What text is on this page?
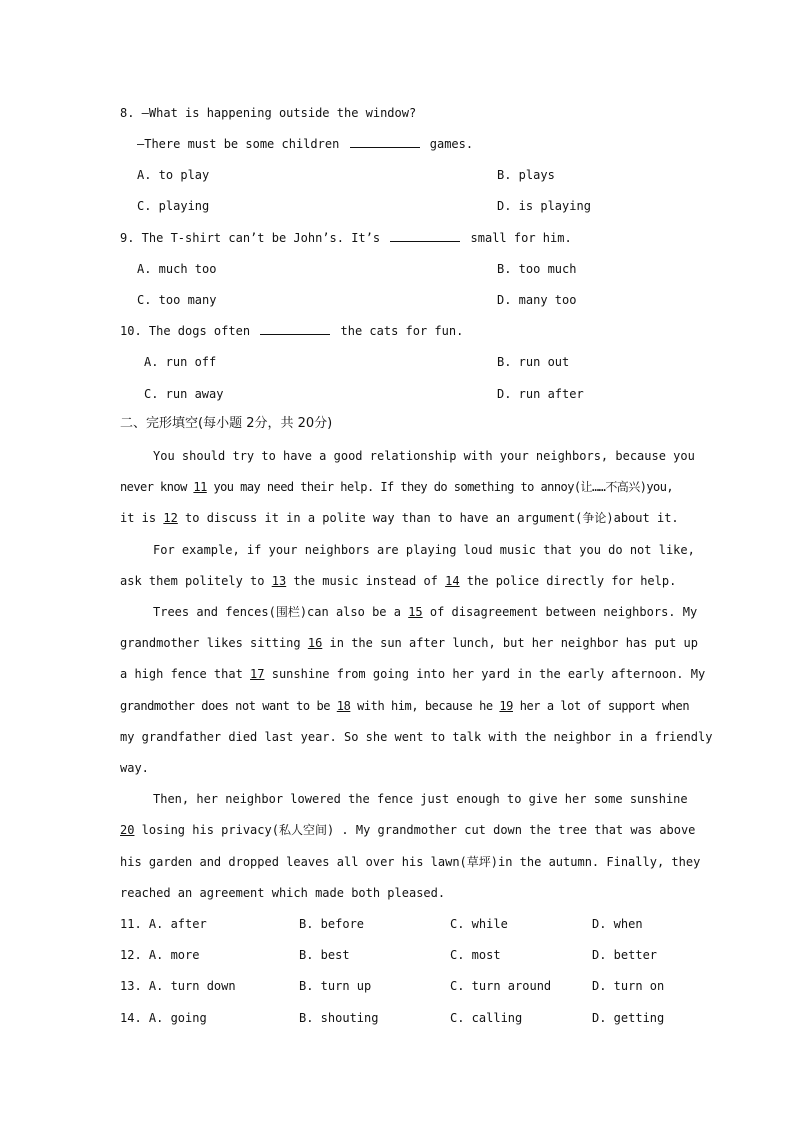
8. —What is happening outside the window?
—There must be some children	games.
A. to play	B. plays
C. playing	D. is playing
9. The T-shirt can’t be John’s. It’s	small for him.
A. much too	B. too much
C. too many	D. many too
10. The dogs often	the cats for fun.
A. run off	B. run out
C. run away	D. run after
二、完形填空(每小题 2分，共 20分)
You should try to have a good relationship with your neighbors, because you
never know 11 you may need their help. If they do something to annoy(让……不高兴)you,
it is 12 to discuss it in a polite way than to have an argument(争论)about it.
For example, if your neighbors are playing loud music that you do not like,
ask them politely to 13 the music instead of 14 the police directly for help.
Trees and fences(围栏)can also be a 15 of disagreement between neighbors. My
grandmother likes sitting 16 in the sun after lunch, but her neighbor has put up
a high fence that 17 sunshine from going into her yard in the early afternoon. My
grandmother does not want to be 18 with him, because he 19 her a lot of support when
my grandfather died last year. So she went to talk with the neighbor in a friendly
way.
Then, her neighbor lowered the fence just enough to give her some sunshine
20 losing his privacy(私人空间) . My grandmother cut down the tree that was above
his garden and dropped leaves all over his lawn(草坪)in the autumn. Finally, they
reached an agreement which made both pleased.
11. A. after	B. before	C. while	D. when
12. A. more	B. best	C. most	D. better
13. A. turn down	B. turn up	C. turn around	D. turn on
14. A. going	B. shouting	C. calling	D. getting
